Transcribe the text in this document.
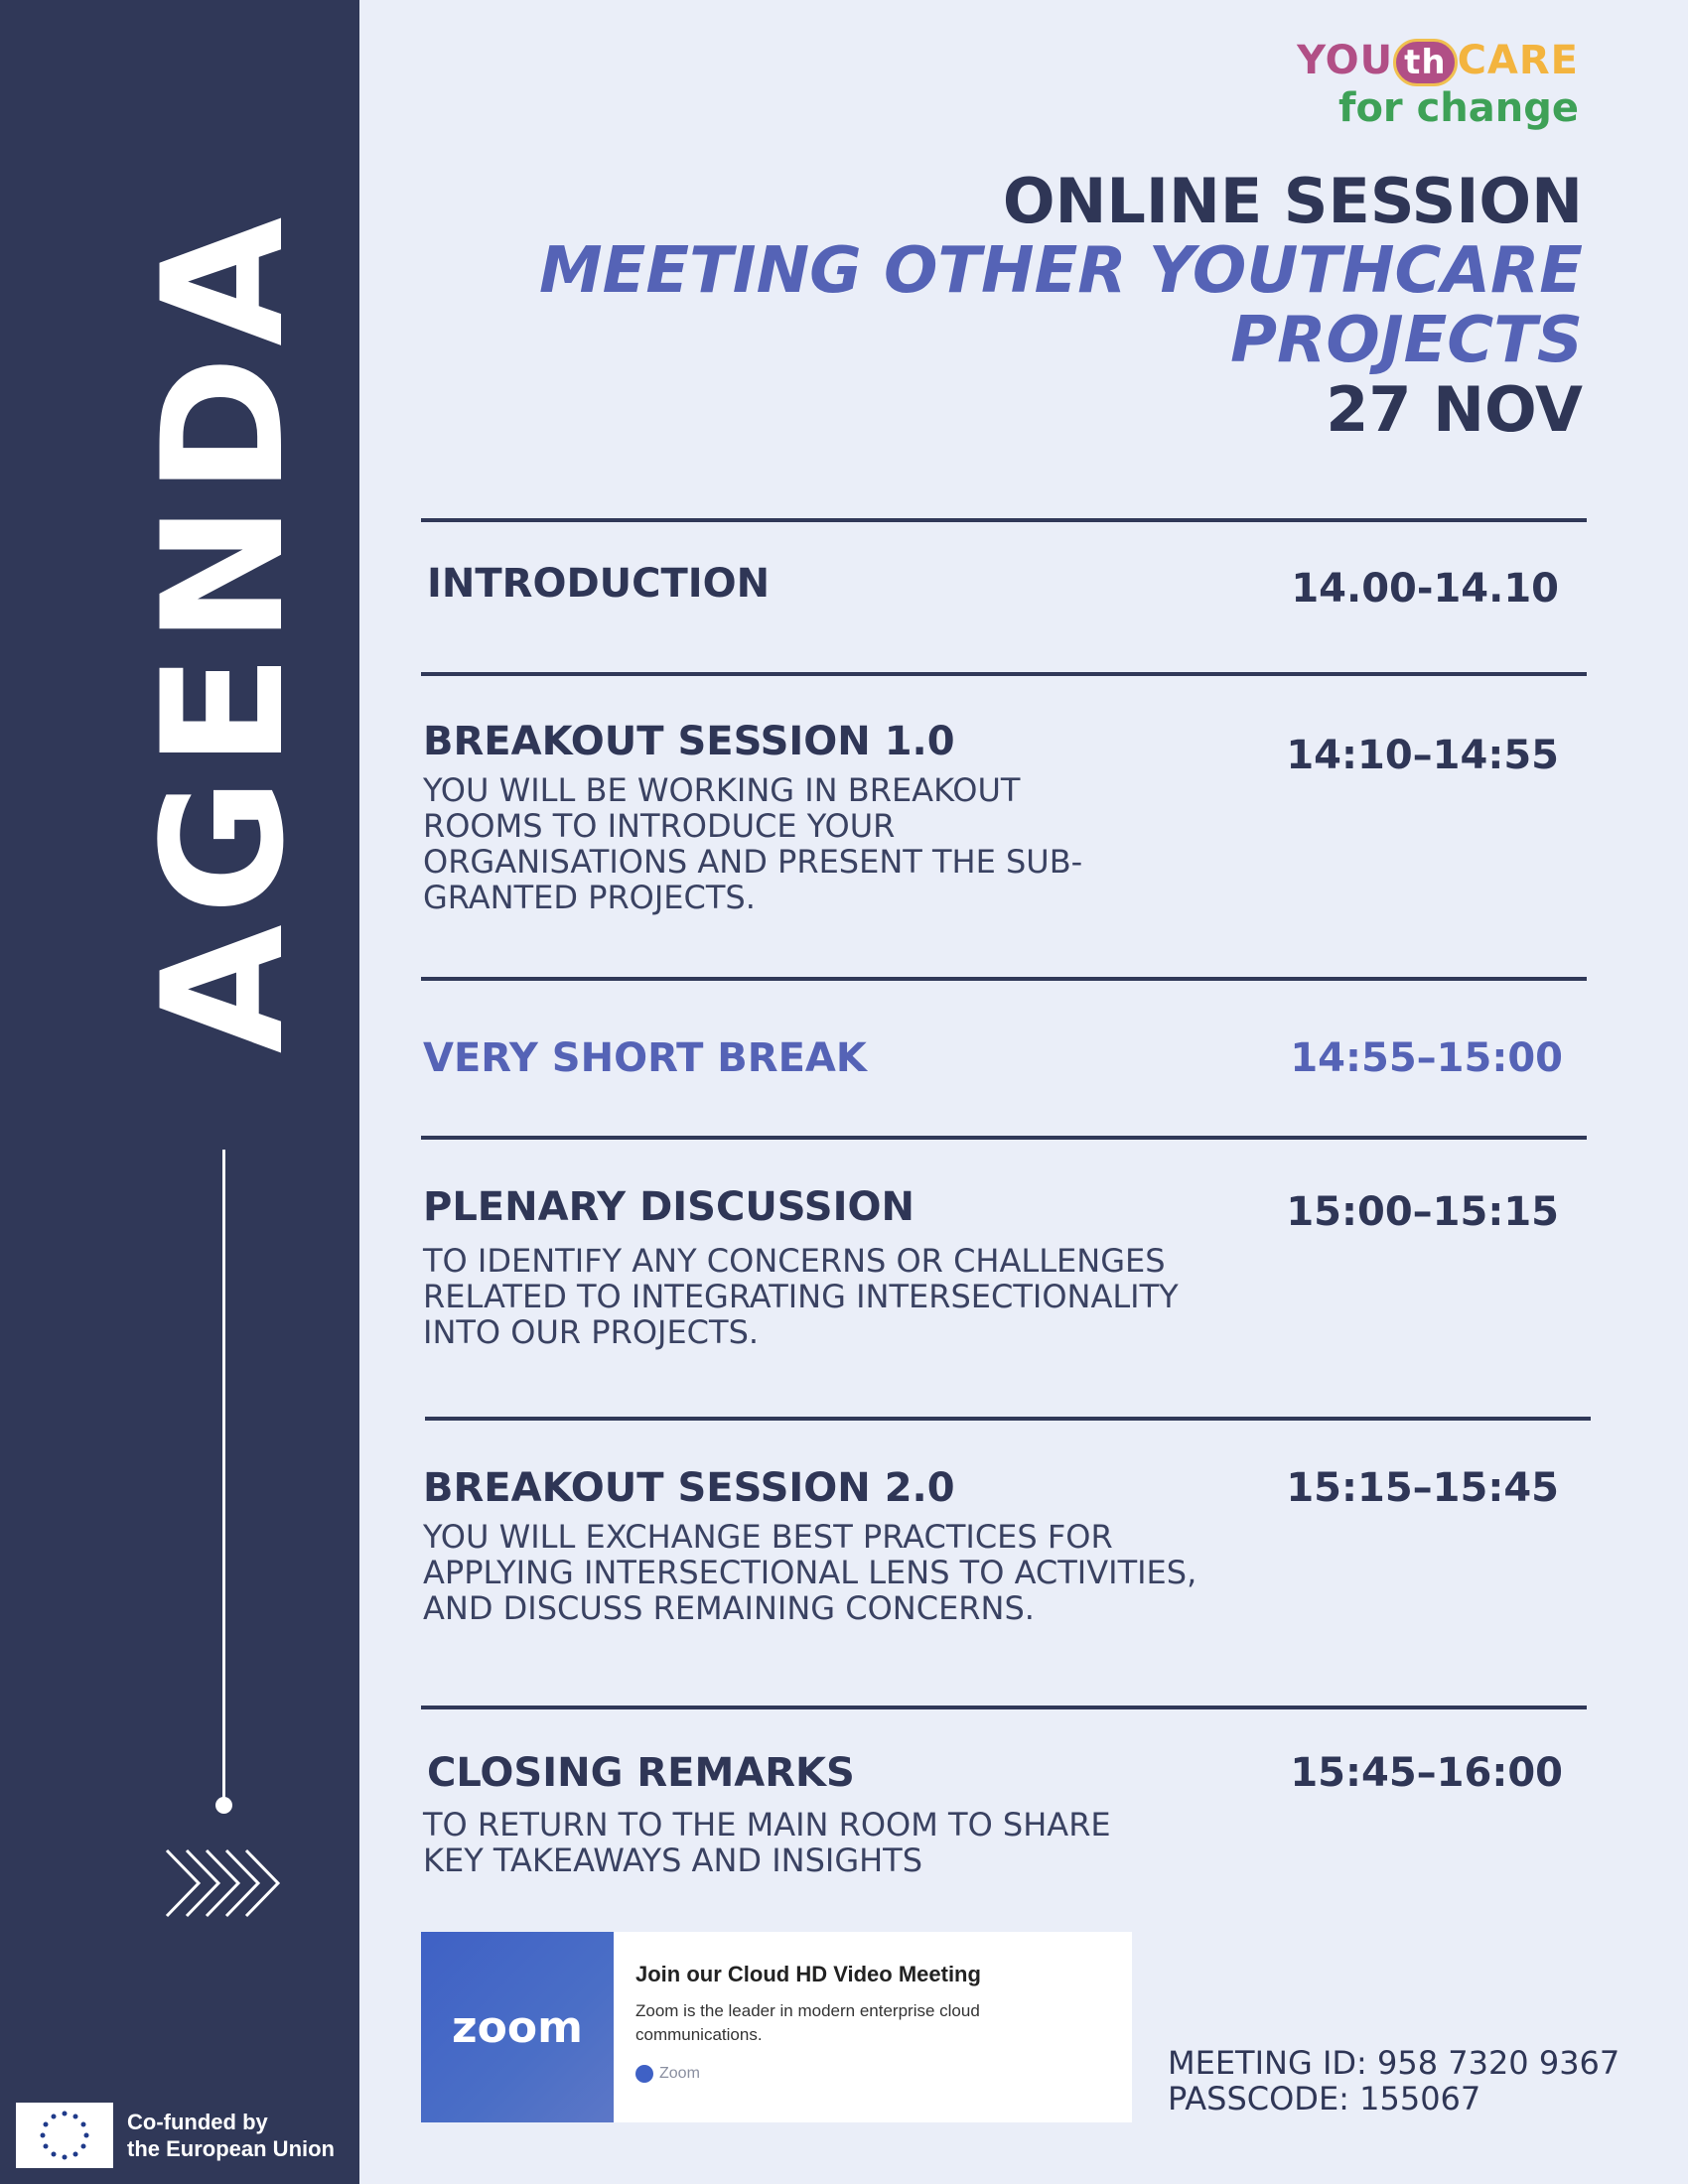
AGENDA
Co-funded by
the European Union
YOU th CARE
for change
ONLINE SESSION
MEETING OTHER YOUTHCARE
PROJECTS
27 NOV
INTRODUCTION	14.00-14.10
BREAKOUT SESSION 1.0	14:10–14:55
YOU WILL BE WORKING IN BREAKOUT
ROOMS TO INTRODUCE YOUR
ORGANISATIONS AND PRESENT THE SUB-
GRANTED PROJECTS.
VERY SHORT BREAK	14:55–15:00
PLENARY DISCUSSION	15:00–15:15
TO IDENTIFY ANY CONCERNS OR CHALLENGES
RELATED TO INTEGRATING INTERSECTIONALITY
INTO OUR PROJECTS.
BREAKOUT SESSION 2.0	15:15–15:45
YOU WILL EXCHANGE BEST PRACTICES FOR
APPLYING INTERSECTIONAL LENS TO ACTIVITIES,
AND DISCUSS REMAINING CONCERNS.
CLOSING REMARKS	15:45–16:00
TO RETURN TO THE MAIN ROOM TO SHARE
KEY TAKEAWAYS AND INSIGHTS
zoom
Join our Cloud HD Video Meeting
Zoom is the leader in modern enterprise cloud communications.
Zoom	MEETING ID: 958 7320 9367
PASSCODE: 155067
